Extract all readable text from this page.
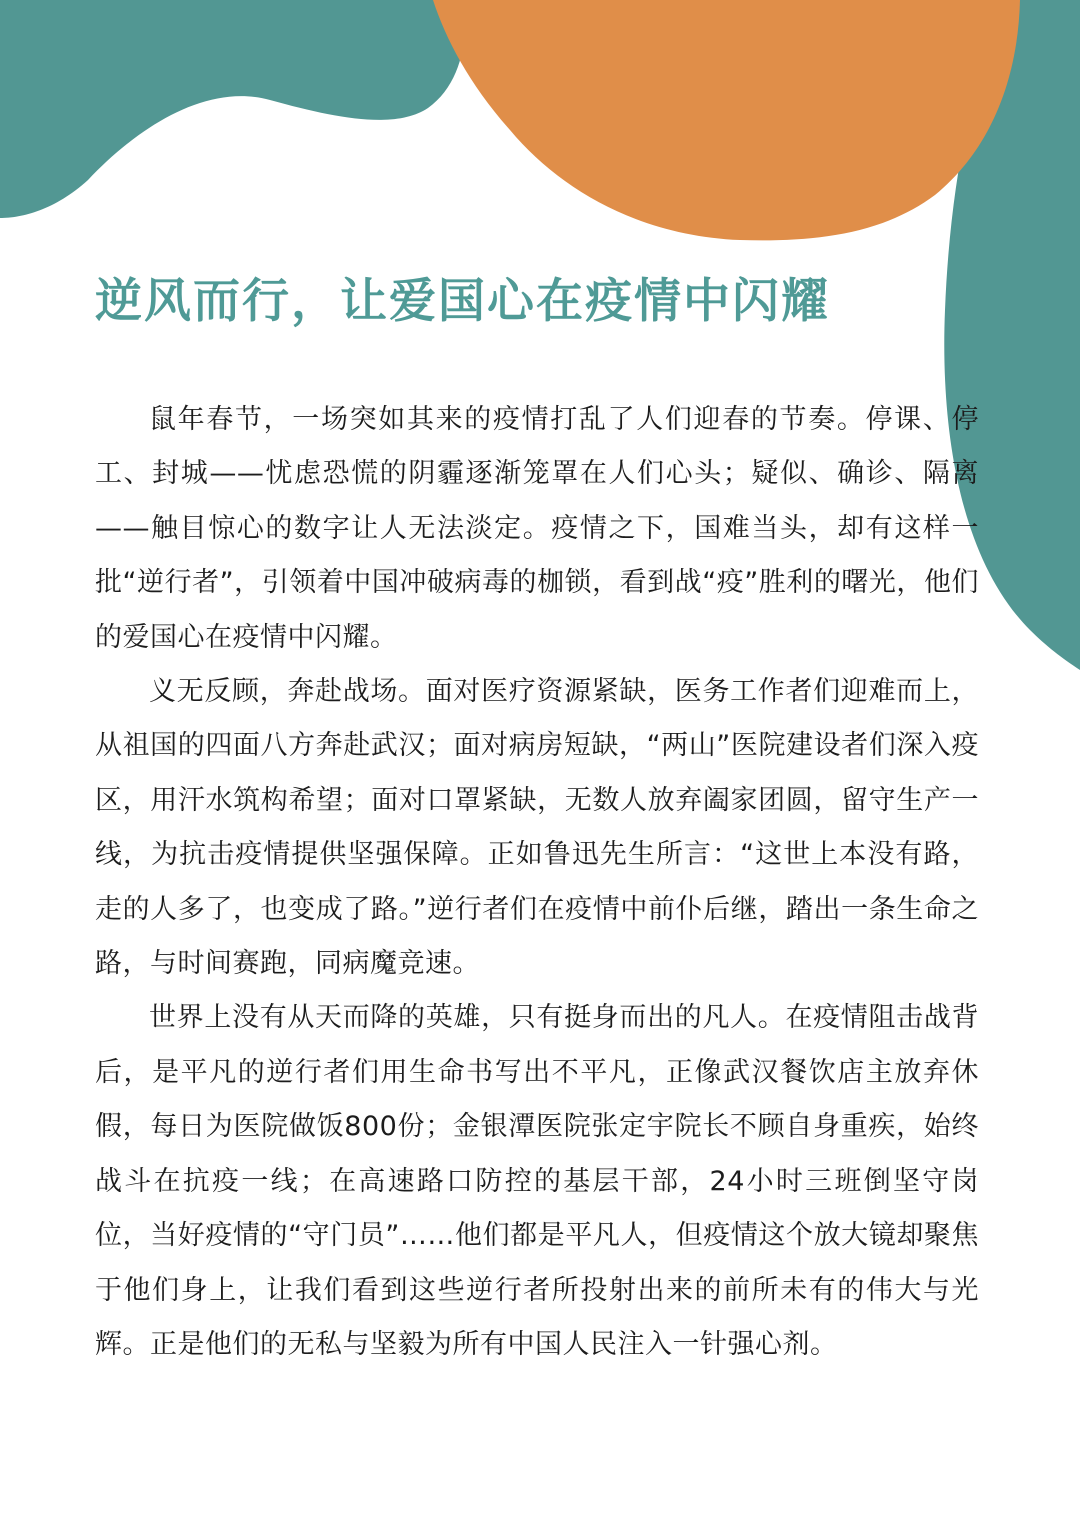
逆风而行，让爱国心在疫情中闪耀

鼠年春节，一场突如其来的疫情打乱了人们迎春的节奏。停课、停工、封城——忧虑恐慌的阴霾逐渐笼罩在人们心头；疑似、确诊、隔离——触目惊心的数字让人无法淡定。疫情之下，国难当头，却有这样一批“逆行者”，引领着中国冲破病毒的枷锁，看到战“疫”胜利的曙光，他们的爱国心在疫情中闪耀。

义无反顾，奔赴战场。面对医疗资源紧缺，医务工作者们迎难而上，从祖国的四面八方奔赴武汉；面对病房短缺，“两山”医院建设者们深入疫区，用汗水筑构希望；面对口罩紧缺，无数人放弃阖家团圆，留守生产一线，为抗击疫情提供坚强保障。正如鲁迅先生所言：“这世上本没有路，走的人多了，也变成了路。”逆行者们在疫情中前仆后继，踏出一条生命之路，与时间赛跑，同病魔竞速。

世界上没有从天而降的英雄，只有挺身而出的凡人。在疫情阻击战背后，是平凡的逆行者们用生命书写出不平凡，正像武汉餐饮店主放弃休假，每日为医院做饭800份；金银潭医院张定宇院长不顾自身重疾，始终战斗在抗疫一线；在高速路口防控的基层干部，24小时三班倒坚守岗位，当好疫情的“守门员”……他们都是平凡人，但疫情这个放大镜却聚焦于他们身上，让我们看到这些逆行者所投射出来的前所未有的伟大与光辉。正是他们的无私与坚毅为所有中国人民注入一针强心剂。
